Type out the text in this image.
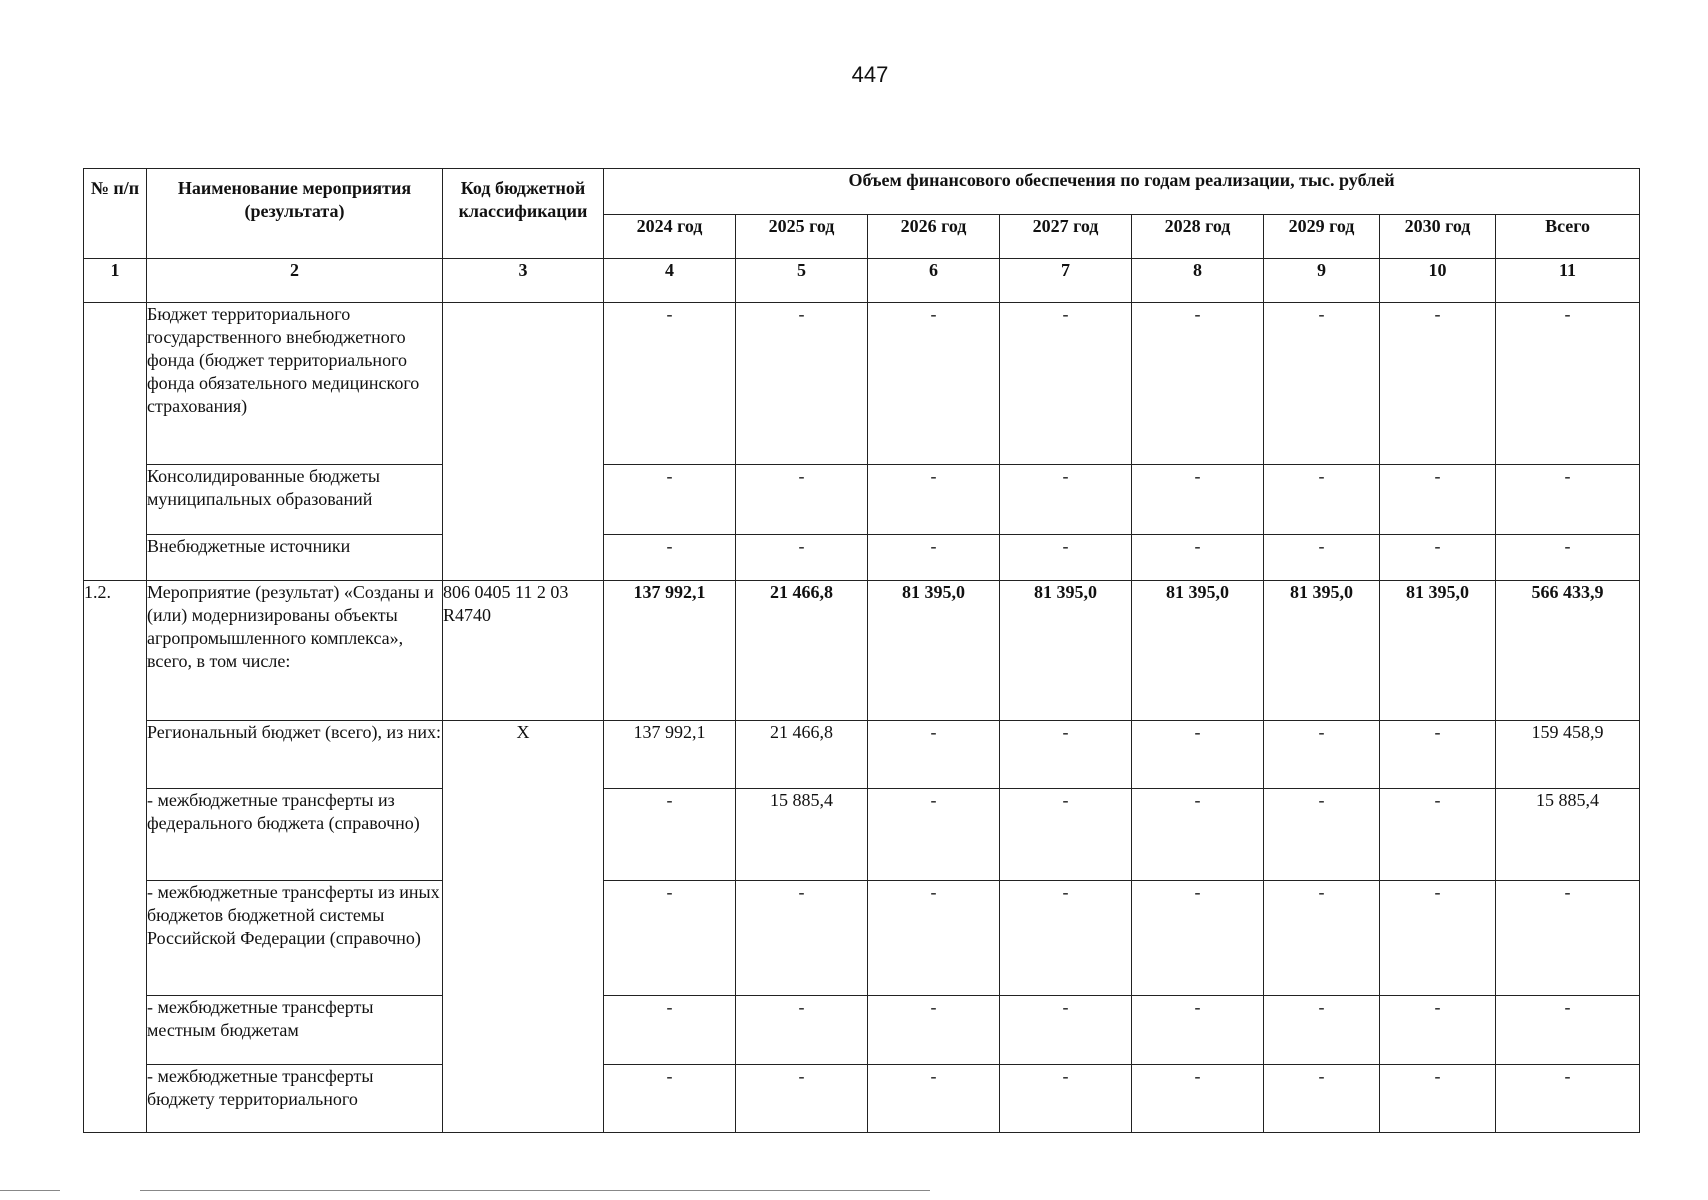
447
№ п/п	Наименование мероприятия (результата)	Код бюджетной классификации	Объем финансового обеспечения по годам реализации, тыс. рублей							
			2024 год	2025 год	2026 год	2027 год	2028 год	2029 год	2030 год	Всего
1	2	3	4	5	6	7	8	9	10	11
	Бюджет территориального государственного внебюджетного фонда (бюджет территориального фонда обязательного медицинского страхования)		-	-	-	-	-	-	-	-
	Консолидированные бюджеты муниципальных образований		-	-	-	-	-	-	-	-
	Внебюджетные источники		-	-	-	-	-	-	-	-
1.2.	Мероприятие (результат) «Созданы и (или) модернизированы объекты агропромышленного комплекса», всего, в том числе:	806 0405 11 2 03 R4740	137 992,1	21 466,8	81 395,0	81 395,0	81 395,0	81 395,0	81 395,0	566 433,9
	Региональный бюджет (всего), из них:	X	137 992,1	21 466,8	-	-	-	-	-	159 458,9
	- межбюджетные трансферты из федерального бюджета (справочно)		-	15 885,4	-	-	-	-	-	15 885,4
	- межбюджетные трансферты из иных бюджетов бюджетной системы Российской Федерации (справочно)		-	-	-	-	-	-	-	-
	- межбюджетные трансферты местным бюджетам		-	-	-	-	-	-	-	-
	- межбюджетные трансферты бюджету территориального		-	-	-	-	-	-	-	-
